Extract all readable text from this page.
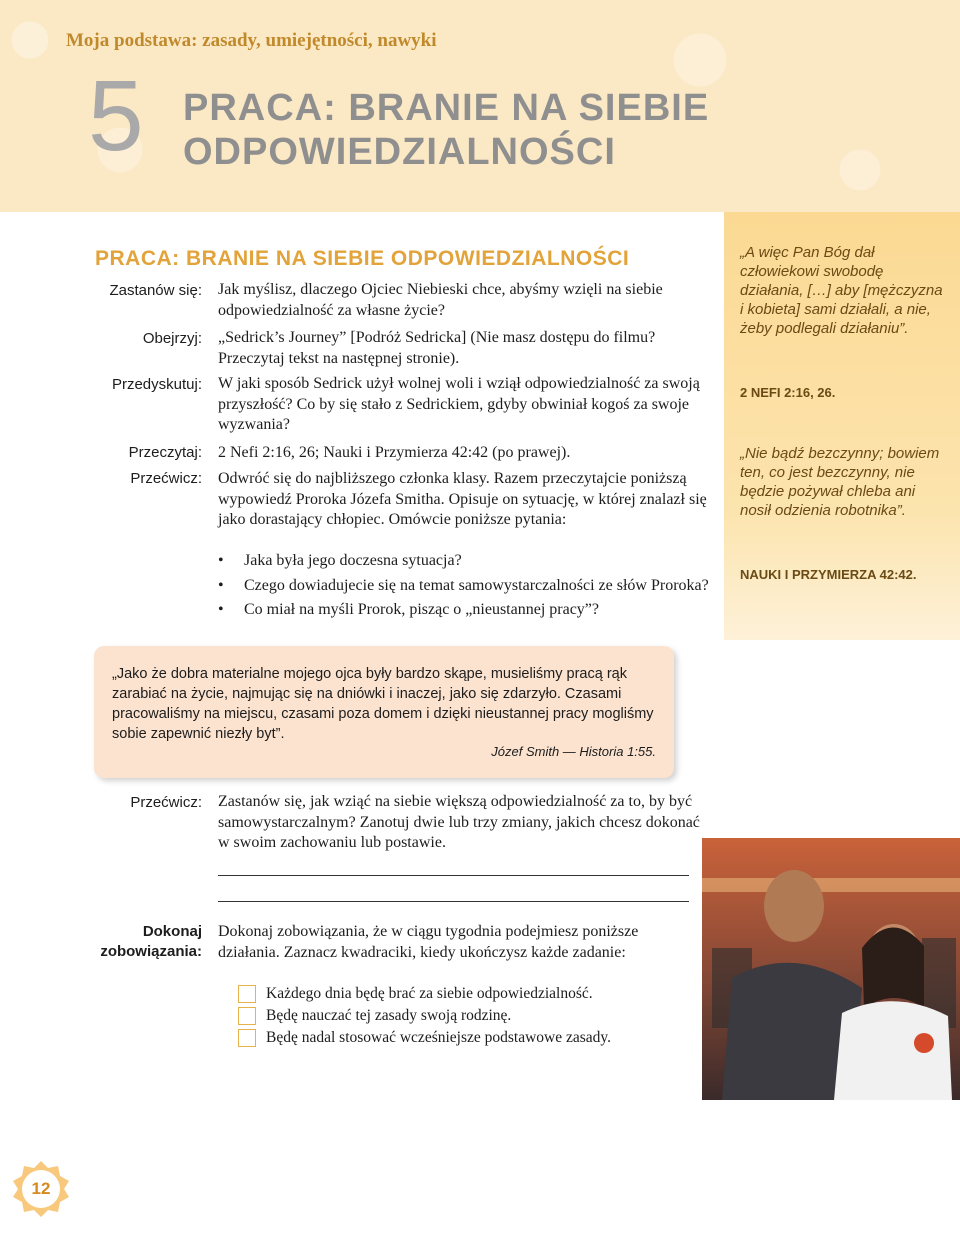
Moja podstawa: zasady, umiejętności, nawyki
5 PRACA: BRANIE NA SIEBIE
ODPOWIEDZIALNOŚCI
„A więc Pan Bóg dał człowiekowi swobodę działania, […] aby [mężczyzna i kobieta] sami działali, a nie, żeby podlegali działaniu”.
2 NEFI 2:16, 26.
„Nie bądź bezczynny; bowiem ten, co jest bezczynny, nie będzie pożywał chleba ani nosił odzienia robotnika”.
NAUKI I PRZYMIERZA 42:42.
PRACA: BRANIE NA SIEBIE ODPOWIEDZIALNOŚCI
Zastanów się: Jak myślisz, dlaczego Ojciec Niebieski chce, abyśmy wzięli na siebie odpowiedzialność za własne życie?
Obejrzyj: „Sedrick’s Journey” [Podróż Sedricka] (Nie masz dostępu do filmu? Przeczytaj tekst na następnej stronie).
Przedyskutuj: W jaki sposób Sedrick użył wolnej woli i wziął odpowiedzialność za swoją przyszłość? Co by się stało z Sedrickiem, gdyby obwiniał kogoś za swoje wyzwania?
Przeczytaj: 2 Nefi 2:16, 26; Nauki i Przymierza 42:42 (po prawej).
Przećwicz: Odwróć się do najbliższego członka klasy. Razem przeczytajcie poniższą wypowiedź Proroka Józefa Smitha. Opisuje on sytuację, w której znalazł się jako dorastający chłopiec. Omówcie poniższe pytania:
• Jaka była jego doczesna sytuacja?
• Czego dowiadujecie się na temat samowystarczalności ze słów Proroka?
• Co miał na myśli Prorok, pisząc o „nieustannej pracy”?
„Jako że dobra materialne mojego ojca były bardzo skąpe, musieliśmy pracą rąk zarabiać na życie, najmując się na dniówki i inaczej, jako się zdarzyło. Czasami pracowaliśmy na miejscu, czasami poza domem i dzięki nieustannej pracy mogliśmy sobie zapewnić niezły byt”.
Józef Smith — Historia 1:55.
Przećwicz: Zastanów się, jak wziąć na siebie większą odpowiedzialność za to, by być samowystarczalnym? Zanotuj dwie lub trzy zmiany, jakich chcesz dokonać w swoim zachowaniu lub postawie.
Dokonaj
zobowiązania:
Dokonaj zobowiązania, że w ciągu tygodnia podejmiesz poniższe działania. Zaznacz kwadraciki, kiedy ukończysz każde zadanie:
Każdego dnia będę brać za siebie odpowiedzialność.
Będę nauczać tej zasady swoją rodzinę.
Będę nadal stosować wcześniejsze podstawowe zasady.
12
